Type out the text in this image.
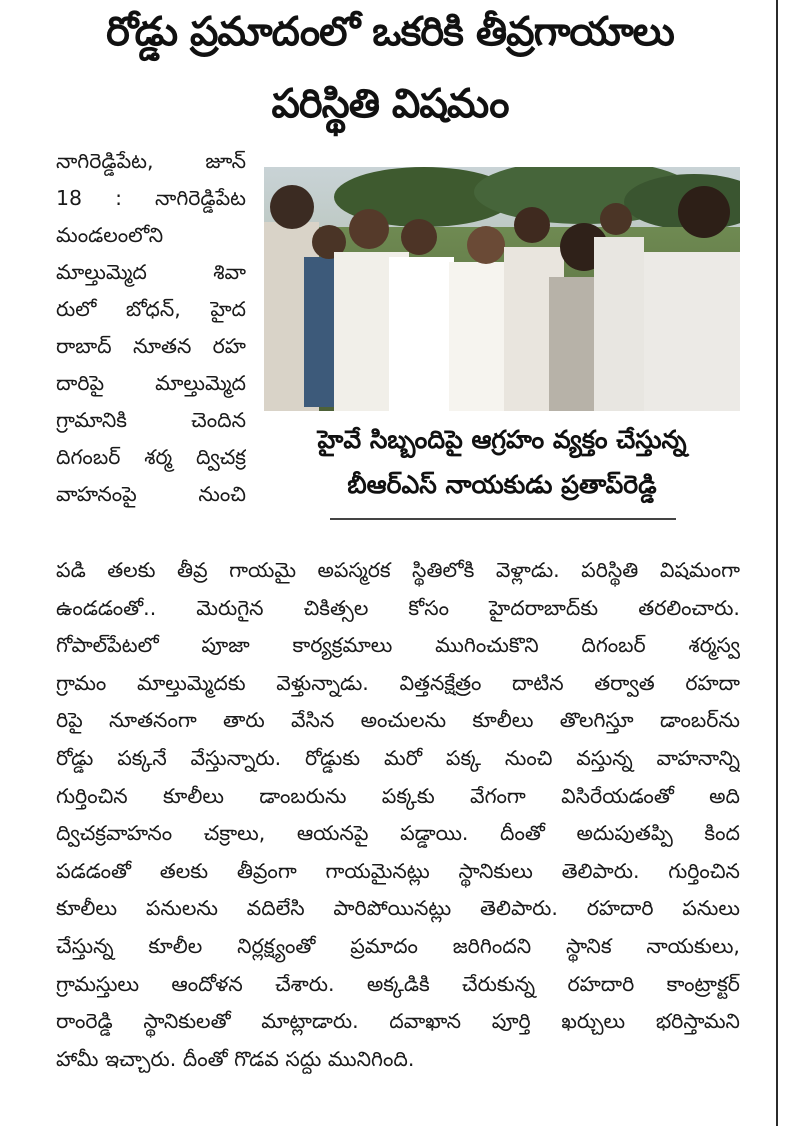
రోడ్డు ప్రమాదంలో ఒకరికి తీవ్రగాయాలు
పరిస్థితి విషమం
నాగిరెడ్డిపేట,	జూన్
18 : నాగిరెడ్డిపేట
మండలంలోని
మాల్తుమ్మెద	శివా
రులో బోధన్, హైద
రాబాద్ నూతన రహ
దారిపై మాల్తుమ్మెద
గ్రామానికి	చెందిన
దిగంబర్ శర్మ ద్విచక్ర
వాహనంపై	నుంచి
హైవే సిబ్బందిపై ఆగ్రహం వ్యక్తం చేస్తున్న
బీఆర్ఎస్ నాయకుడు ప్రతాప్‌రెడ్డి
పడి తలకు తీవ్ర గాయమై అపస్మరక స్థితిలోకి వెళ్లాడు. పరిస్థితి విషమంగా
ఉండడంతో.. మెరుగైన చికిత్సల కోసం హైదరాబాద్‌కు తరలించారు.
గోపాల్‌పేటలో పూజా కార్యక్రమాలు ముగించుకొని దిగంబర్ శర్మస్వ
గ్రామం మాల్తుమ్మెదకు వెళ్తున్నాడు. విత్తనక్షేత్రం దాటిన తర్వాత రహదా
రిపై నూతనంగా తారు వేసిన అంచులను కూలీలు తొలగిస్తూ డాంబర్‌ను
రోడ్డు పక్కనే వేస్తున్నారు. రోడ్డుకు మరో పక్క నుంచి వస్తున్న వాహనాన్ని
గుర్తించిన కూలీలు డాంబరును పక్కకు వేగంగా విసిరేయడంతో అది
ద్విచక్రవాహనం చక్రాలు, ఆయనపై పడ్డాయి. దీంతో అదుపుతప్పి కింద
పడడంతో తలకు తీవ్రంగా గాయమైనట్లు స్థానికులు తెలిపారు. గుర్తించిన
కూలీలు పనులను వదిలేసి పారిపోయినట్లు తెలిపారు. రహదారి పనులు
చేస్తున్న కూలీల నిర్లక్ష్యంతో ప్రమాదం జరిగిందని స్థానిక నాయకులు,
గ్రామస్తులు ఆందోళన చేశారు. అక్కడికి చేరుకున్న రహదారి కాంట్రాక్టర్
రాంరెడ్డి స్థానికులతో మాట్లాడారు. దవాఖాన పూర్తి ఖర్చులు భరిస్తామని
హామీ ఇచ్చారు. దీంతో గొడవ సద్దు మునిగింది.
